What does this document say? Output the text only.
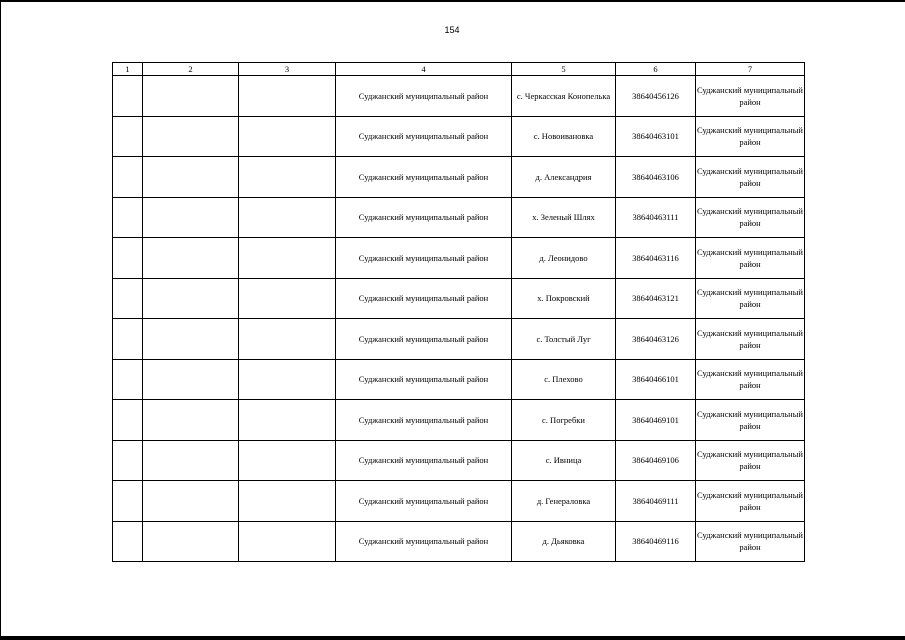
154
1	2	3	4	5	6	7
			Суджанский муниципальный район	с. Черкасская Конопелька	38640456126	Суджанский муниципальный район
			Суджанский муниципальный район	с. Новоивановка	38640463101	Суджанский муниципальный район
			Суджанский муниципальный район	д. Александрия	38640463106	Суджанский муниципальный район
			Суджанский муниципальный район	х. Зеленый Шлях	38640463111	Суджанский муниципальный район
			Суджанский муниципальный район	д. Леонидово	38640463116	Суджанский муниципальный район
			Суджанский муниципальный район	х. Покровский	38640463121	Суджанский муниципальный район
			Суджанский муниципальный район	с. Толстый Луг	38640463126	Суджанский муниципальный район
			Суджанский муниципальный район	с. Плехово	38640466101	Суджанский муниципальный район
			Суджанский муниципальный район	с. Погребки	38640469101	Суджанский муниципальный район
			Суджанский муниципальный район	с. Ивница	38640469106	Суджанский муниципальный район
			Суджанский муниципальный район	д. Генераловка	38640469111	Суджанский муниципальный район
			Суджанский муниципальный район	д. Дьяковка	38640469116	Суджанский муниципальный район
